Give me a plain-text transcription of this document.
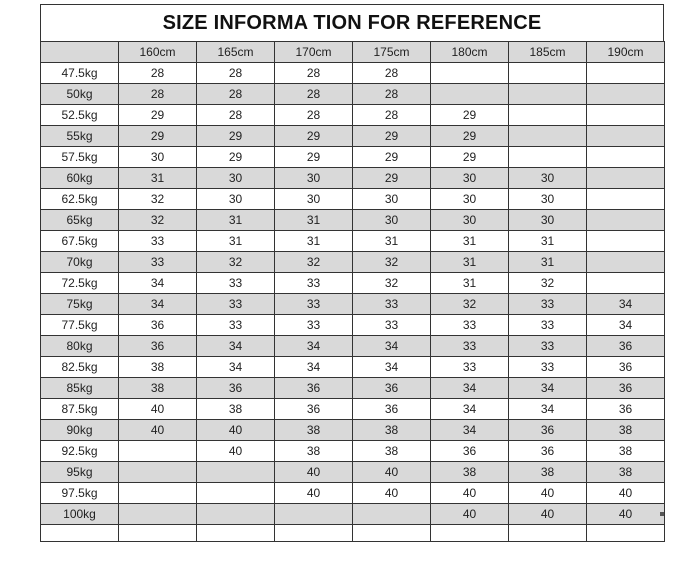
SIZE INFORMA TION FOR REFERENCE
	160cm	165cm	170cm	175cm	180cm	185cm	190cm
47.5kg	28	28	28	28			
50kg	28	28	28	28			
52.5kg	29	28	28	28	29		
55kg	29	29	29	29	29		
57.5kg	30	29	29	29	29		
60kg	31	30	30	29	30	30	
62.5kg	32	30	30	30	30	30	
65kg	32	31	31	30	30	30	
67.5kg	33	31	31	31	31	31	
70kg	33	32	32	32	31	31	
72.5kg	34	33	33	32	31	32	
75kg	34	33	33	33	32	33	34
77.5kg	36	33	33	33	33	33	34
80kg	36	34	34	34	33	33	36
82.5kg	38	34	34	34	33	33	36
85kg	38	36	36	36	34	34	36
87.5kg	40	38	36	36	34	34	36
90kg	40	40	38	38	34	36	38
92.5kg		40	38	38	36	36	38
95kg			40	40	38	38	38
97.5kg			40	40	40	40	40
100kg					40	40	40
